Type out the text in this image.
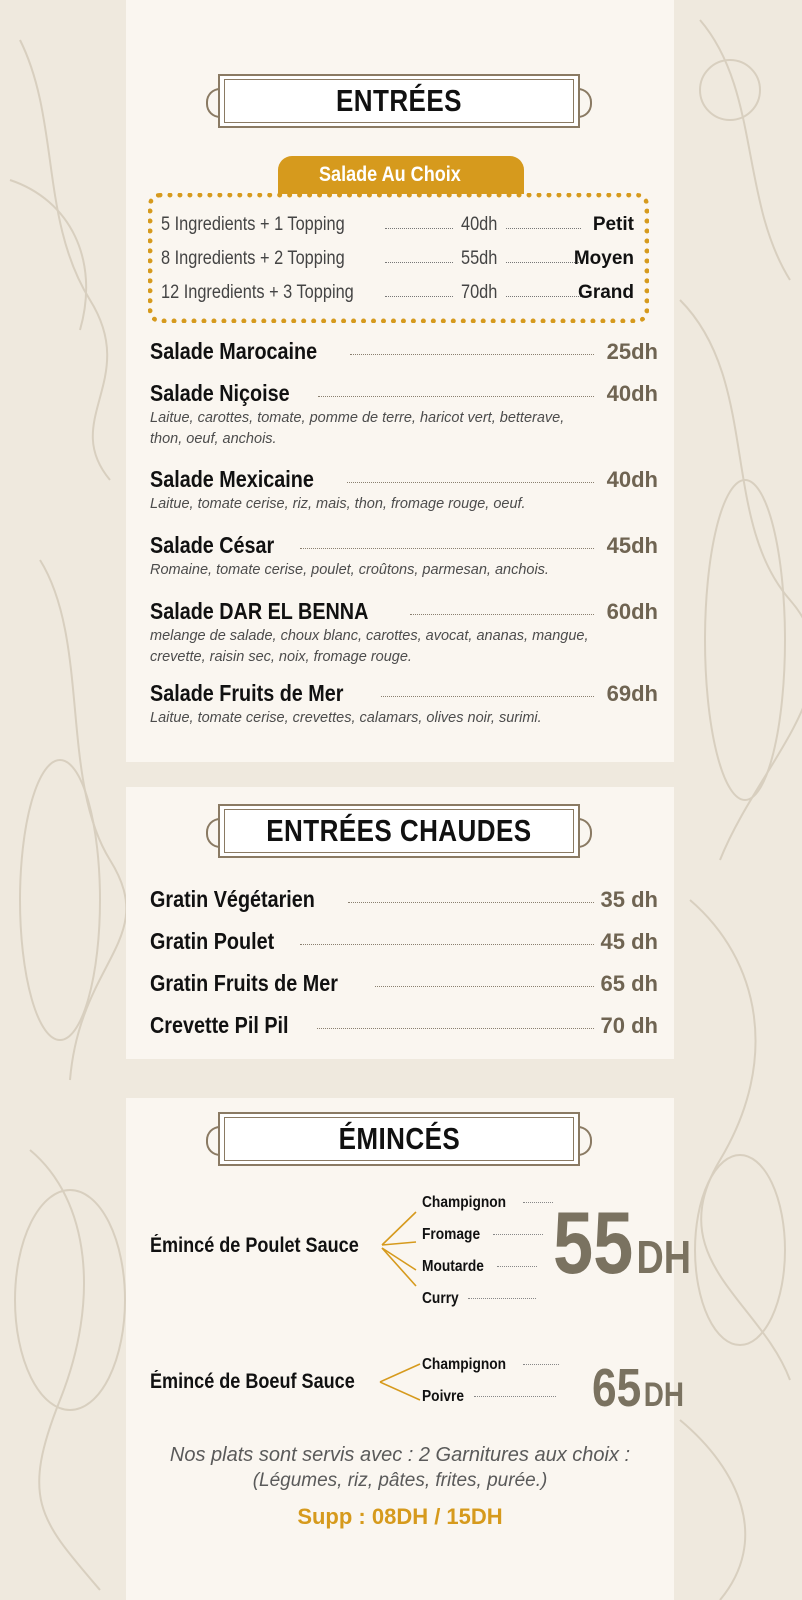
ENTRÉES
Salade Au Choix
5 Ingredients + 1 Topping	40dh	Petit
8 Ingredients + 2 Topping	55dh	Moyen
12 Ingredients + 3 Topping	70dh	Grand
Salade Marocaine	25dh
Salade Niçoise	40dh
Laitue, carottes, tomate, pomme de terre, haricot vert, betterave, thon, oeuf, anchois.
Salade Mexicaine	40dh
Laitue, tomate cerise, riz, mais, thon, fromage rouge, oeuf.
Salade César	45dh
Romaine, tomate cerise, poulet, croûtons, parmesan, anchois.
Salade DAR EL BENNA	60dh
melange de salade, choux blanc, carottes, avocat, ananas, mangue, crevette, raisin sec, noix, fromage rouge.
Salade Fruits de Mer	69dh
Laitue, tomate cerise, crevettes, calamars, olives noir, surimi.
ENTRÉES CHAUDES
Gratin Végétarien	35 dh
Gratin Poulet	45 dh
Gratin Fruits de Mer	65 dh
Crevette Pil Pil	70 dh
ÉMINCÉS
Émincé de Poulet Sauce
Champignon
Fromage
Moutarde
Curry
55DH
Émincé de Boeuf Sauce
Champignon
Poivre 65DH
Nos plats sont servis avec : 2 Garnitures aux choix :
(Légumes, riz, pâtes, frites, purée.)
Supp : 08DH / 15DH
